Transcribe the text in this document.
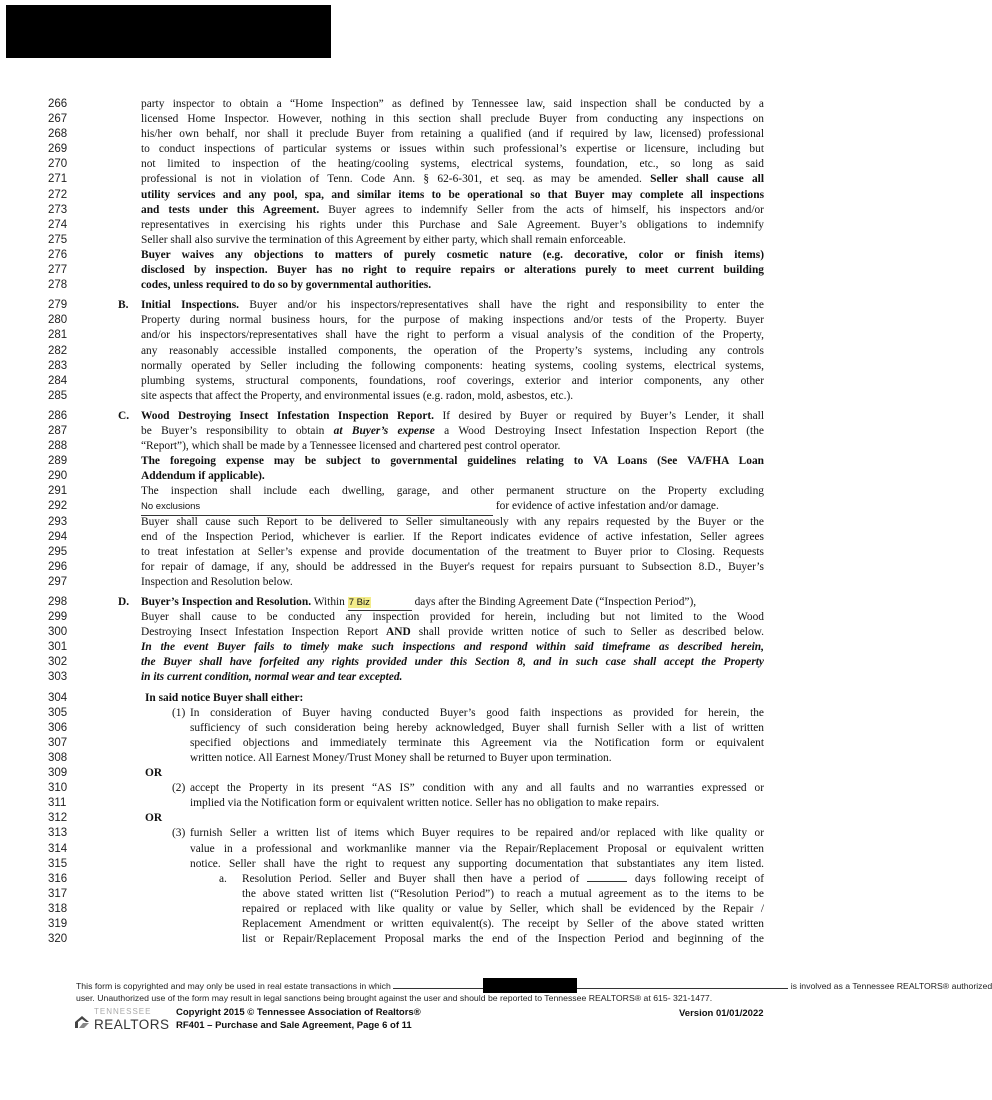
266	party inspector to obtain a “Home Inspection” as defined by Tennessee law, said inspection shall be conducted by a
267	licensed Home Inspector. However, nothing in this section shall preclude Buyer from conducting any inspections on
268	his/her own behalf, nor shall it preclude Buyer from retaining a qualified (and if required by law, licensed) professional
269	to conduct inspections of particular systems or issues within such professional’s expertise or licensure, including but
270	not limited to inspection of the heating/cooling systems, electrical systems, foundation, etc., so long as said
271	professional is not in violation of Tenn. Code Ann. § 62-6-301, et seq. as may be amended. Seller shall cause all
272	utility services and any pool, spa, and similar items to be operational so that Buyer may complete all inspections
273	and tests under this Agreement. Buyer agrees to indemnify Seller from the acts of himself, his inspectors and/or
274	representatives in exercising his rights under this Purchase and Sale Agreement. Buyer’s obligations to indemnify
275	Seller shall also survive the termination of this Agreement by either party, which shall remain enforceable.
276	Buyer waives any objections to matters of purely cosmetic nature (e.g. decorative, color or finish items)
277	disclosed by inspection. Buyer has no right to require repairs or alterations purely to meet current building
278	codes, unless required to do so by governmental authorities.
279	B. Initial Inspections. Buyer and/or his inspectors/representatives shall have the right and responsibility to enter the
280	Property during normal business hours, for the purpose of making inspections and/or tests of the Property. Buyer
281	and/or his inspectors/representatives shall have the right to perform a visual analysis of the condition of the Property,
282	any reasonably accessible installed components, the operation of the Property’s systems, including any controls
283	normally operated by Seller including the following components: heating systems, cooling systems, electrical systems,
284	plumbing systems, structural components, foundations, roof coverings, exterior and interior components, any other
285	site aspects that affect the Property, and environmental issues (e.g. radon, mold, asbestos, etc.).
286	C. Wood Destroying Insect Infestation Inspection Report. If desired by Buyer or required by Buyer’s Lender, it shall
287	be Buyer’s responsibility to obtain at Buyer’s expense a Wood Destroying Insect Infestation Inspection Report (the
288	“Report”), which shall be made by a Tennessee licensed and chartered pest control operator.
289	The foregoing expense may be subject to governmental guidelines relating to VA Loans (See VA/FHA Loan
290	Addendum if applicable).
291	The inspection shall include each dwelling, garage, and other permanent structure on the Property excluding
292	No exclusions	for evidence of active infestation and/or damage.
293	Buyer shall cause such Report to be delivered to Seller simultaneously with any repairs requested by the Buyer or the
294	end of the Inspection Period, whichever is earlier. If the Report indicates evidence of active infestation, Seller agrees
295	to treat infestation at Seller’s expense and provide documentation of the treatment to Buyer prior to Closing. Requests
296	for repair of damage, if any, should be addressed in the Buyer's request for repairs pursuant to Subsection 8.D., Buyer’s
297	Inspection and Resolution below.
298	D. Buyer’s Inspection and Resolution. Within 7 Biz	days after the Binding Agreement Date (“Inspection Period”),
299	Buyer shall cause to be conducted any inspection provided for herein, including but not limited to the Wood
300	Destroying Insect Infestation Inspection Report AND shall provide written notice of such to Seller as described below.
301	In the event Buyer fails to timely make such inspections and respond within said timeframe as described herein,
302	the Buyer shall have forfeited any rights provided under this Section 8, and in such case shall accept the Property
303	in its current condition, normal wear and tear excepted.
304	In said notice Buyer shall either:
305	(1) In consideration of Buyer having conducted Buyer’s good faith inspections as provided for herein, the
306	sufficiency of such consideration being hereby acknowledged, Buyer shall furnish Seller with a list of written
307	specified objections and immediately terminate this Agreement via the Notification form or equivalent
308	written notice. All Earnest Money/Trust Money shall be returned to Buyer upon termination.
309	OR
310	(2) accept the Property in its present “AS IS” condition with any and all faults and no warranties expressed or
311	implied via the Notification form or equivalent written notice. Seller has no obligation to make repairs.
312	OR
313	(3) furnish Seller a written list of items which Buyer requires to be repaired and/or replaced with like quality or
314	value in a professional and workmanlike manner via the Repair/Replacement Proposal or equivalent written
315	notice. Seller shall have the right to request any supporting documentation that substantiates any item listed.
316	a. Resolution Period. Seller and Buyer shall then have a period of	days following receipt of
317	the above stated written list (“Resolution Period”) to reach a mutual agreement as to the items to be
318	repaired or replaced with like quality or value by Seller, which shall be evidenced by the Repair /
319	Replacement Amendment or written equivalent(s). The receipt by Seller of the above stated written
320	list or Repair/Replacement Proposal marks the end of the Inspection Period and beginning of the
This form is copyrighted and may only be used in real estate transactions in which	is involved as a Tennessee REALTORS® authorized
user. Unauthorized use of the form may result in legal sanctions being brought against the user and should be reported to Tennessee REALTORS® at 615- 321-1477.
TENNESSEE
REALTORS
Copyright 2015 © Tennessee Association of Realtors®
RF401 – Purchase and Sale Agreement, Page 6 of 11
Version 01/01/2022
